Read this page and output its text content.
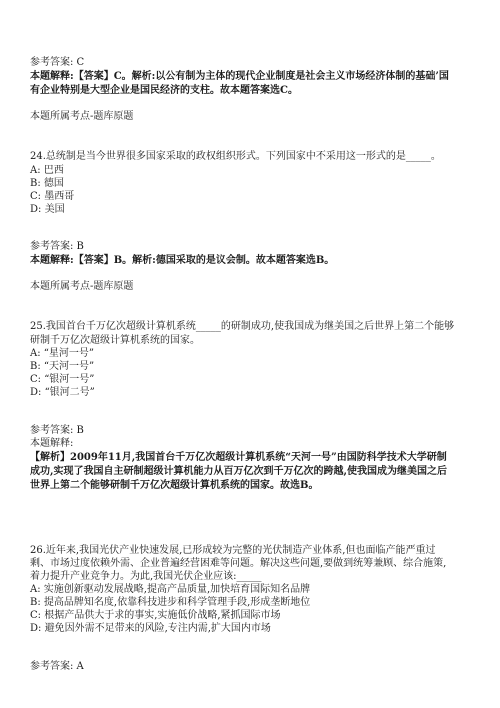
参考答案: C
本题解释:【答案】C。解析:以公有制为主体的现代企业制度是社会主义市场经济体制的基础’国
有企业特别是大型企业是国民经济的支柱。故本题答案选C。
本题所属考点-题库原题
24.总统制是当今世界很多国家采取的政权组织形式。下列国家中不采用这一形式的是_____。
A: 巴西
B: 德国
C: 墨西哥
D: 美国
参考答案: B
本题解释:【答案】B。解析:德国采取的是议会制。故本题答案选B。
本题所属考点-题库原题
25.我国首台千万亿次超级计算机系统_____的研制成功,使我国成为继美国之后世界上第二个能够
研制千万亿次超级计算机系统的国家。
A: “星河一号”
B: “天河一号”
C: “银河一号”
D: “银河二号”
参考答案: B
本题解释:
【解析】2009年11月,我国首台千万亿次超级计算机系统“天河一号”由国防科学技术大学研制
成功,实现了我国自主研制超级计算机能力从百万亿次到千万亿次的跨越,使我国成为继美国之后
世界上第二个能够研制千万亿次超级计算机系统的国家。故选B。
26.近年来,我国光伏产业快速发展,已形成较为完整的光伏制造产业体系,但也面临产能严重过
剩、市场过度依赖外需、企业普遍经营困难等问题。解决这些问题,要做到统筹兼顾、综合施策,
着力提升产业竞争力。为此,我国光伏企业应该:_____
A: 实施创新驱动发展战略,提高产品质量,加快培育国际知名品牌
B: 提高品牌知名度,依靠科技进步和科学管理手段,形成垄断地位
C: 根据产品供大于求的事实,实施低价战略,紧抓国际市场
D: 避免因外需不足带来的风险,专注内需,扩大国内市场
参考答案: A
